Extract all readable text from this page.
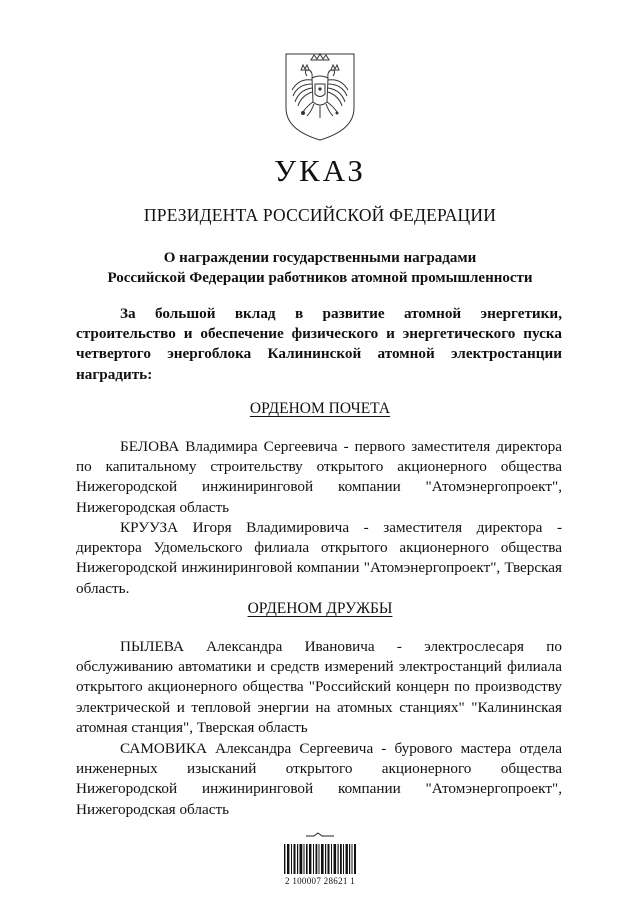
УКАЗ
ПРЕЗИДЕНТА РОССИЙСКОЙ ФЕДЕРАЦИИ
О награждении государственными наградами
Российской Федерации работников атомной промышленности

За большой вклад в развитие атомной энергетики, строительство и обеспечение физического и энергетического пуска четвертого энергоблока Калининской атомной электростанции наградить:

ОРДЕНОМ ПОЧЕТА

БЕЛОВА Владимира Сергеевича - первого заместителя директора по капитальному строительству открытого акционерного общества Нижегородской инжиниринговой компании "Атомэнергопроект", Нижегородская область

КРУУЗА Игоря Владимировича - заместителя директора - директора Удомельского филиала открытого акционерного общества Нижегородской инжиниринговой компании "Атомэнергопроект", Тверская область.

ОРДЕНОМ ДРУЖБЫ

ПЫЛЕВА Александра Ивановича - электрослесаря по обслуживанию автоматики и средств измерений электростанций филиала открытого акционерного общества "Российский концерн по производству электрической и тепловой энергии на атомных станциях" "Калининская атомная станция", Тверская область

САМОВИКА Александра Сергеевича - бурового мастера отдела инженерных изысканий открытого акционерного общества Нижегородской инжиниринговой компании "Атомэнергопроект", Нижегородская область

2 100007 28621 1
